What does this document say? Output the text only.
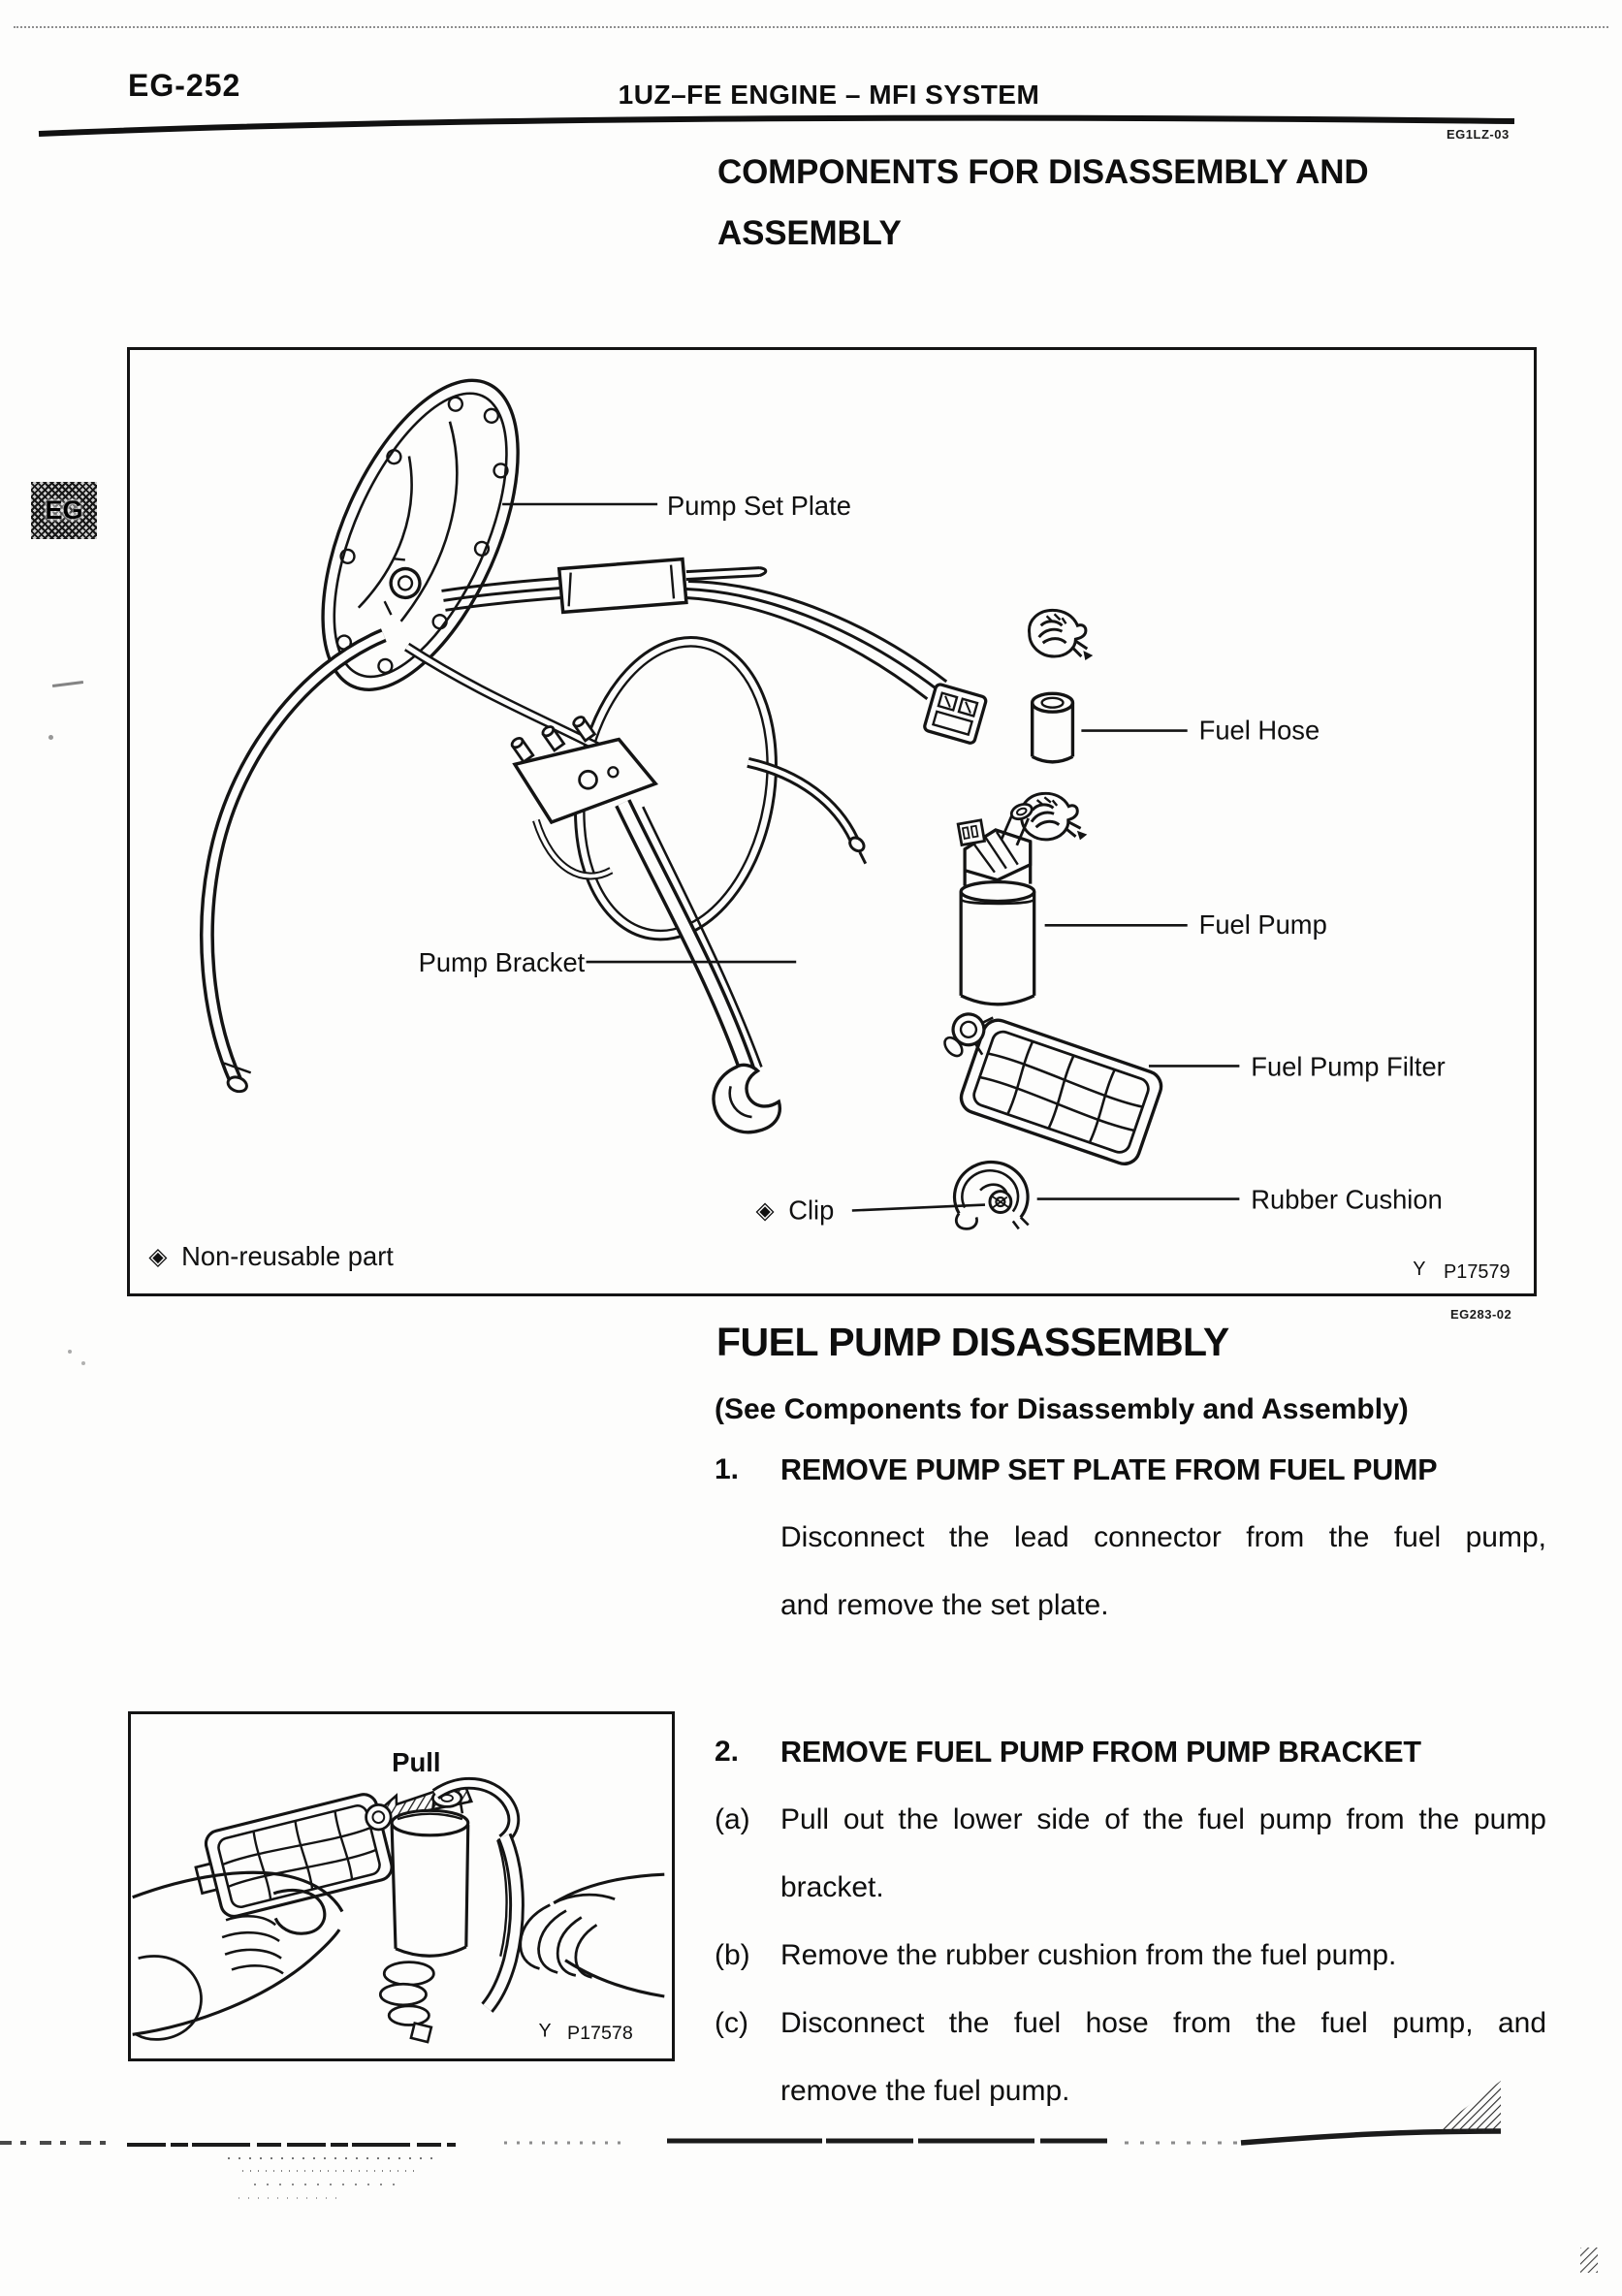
EG-252	1UZ–FE ENGINE – MFI SYSTEM
EG1LZ-03
COMPONENTS FOR DISASSEMBLY AND
ASSEMBLY
EG	Pump Set Plate
Fuel Hose
Fuel Pump
Pump Bracket
Fuel Pump Filter
Rubber Cushion
◈ Clip
◈ Non-reusable part	Y P17579
EG283-02
FUEL PUMP DISASSEMBLY
(See Components for Disassembly and Assembly)
1.	REMOVE PUMP SET PLATE FROM FUEL PUMP
Disconnect the lead connector from the fuel pump,
and remove the set plate.
2.	REMOVE FUEL PUMP FROM PUMP BRACKET
(a)	Pull out the lower side of the fuel pump from the pump
bracket.
(b)	Remove the rubber cushion from the fuel pump.
(c)	Disconnect the fuel hose from the fuel pump, and
remove the fuel pump.
Pull
Y P17578
